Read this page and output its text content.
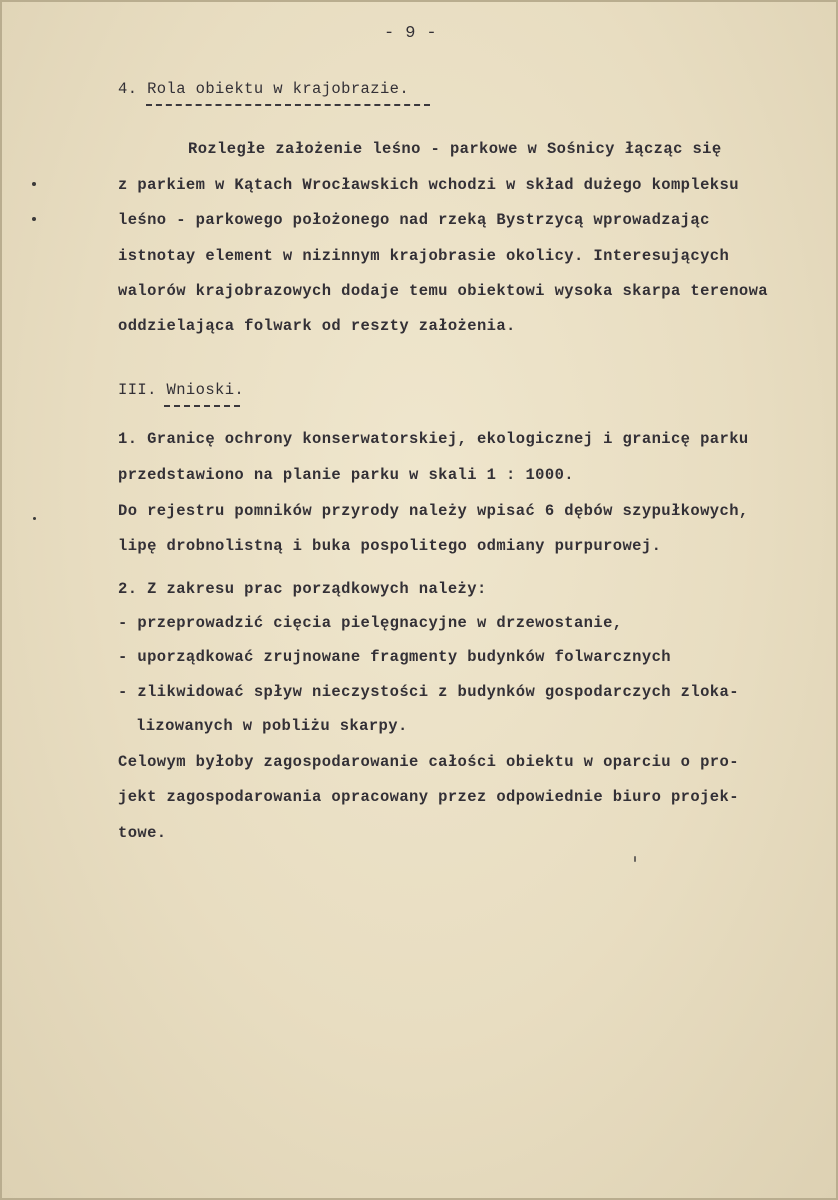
- 9 -
4. Rola obiektu w krajobrazie.
Rozległe założenie leśno - parkowe w Sośnicy łącząc się
z parkiem w Kątach Wrocławskich wchodzi w skład dużego kompleksu
leśno - parkowego położonego nad rzeką Bystrzycą wprowadzając
istnotay element w nizinnym krajobrasie okolicy. Interesujących
walorów krajobrazowych dodaje temu obiektowi wysoka skarpa terenowa
oddzielająca folwark od reszty założenia.
III. Wnioski.
1. Granicę ochrony konserwatorskiej, ekologicznej i granicę parku
przedstawiono na planie parku w skali 1 : 1000.
Do rejestru pomników przyrody należy wpisać 6 dębów szypułkowych,
lipę drobnolistną i buka pospolitego odmiany purpurowej.
2. Z zakresu prac porządkowych należy:
- przeprowadzić cięcia pielęgnacyjne w drzewostanie,
- uporządkować zrujnowane fragmenty budynków folwarcznych
- zlikwidować spływ nieczystości z budynków gospodarczych zloka-
lizowanych w pobliżu skarpy.
Celowym byłoby zagospodarowanie całości obiektu w oparciu o pro-
jekt zagospodarowania opracowany przez odpowiednie biuro projek-
towe.
